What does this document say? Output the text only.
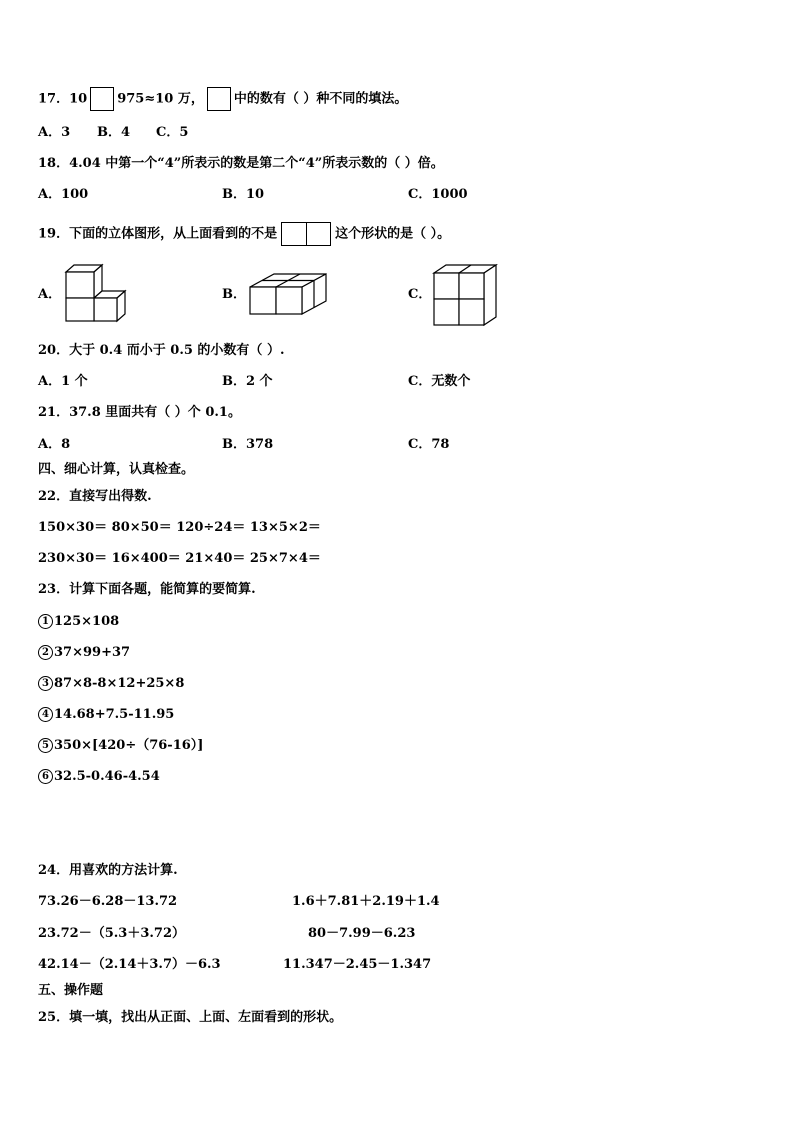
17．10 975≈10 万， 中的数有（ ）种不同的填法。
A．3 B．4 C．5
18．4.04 中第一个“4”所表示的数是第二个“4”所表示数的（ ）倍。
A．100	B．10	C．1000
19．下面的立体图形，从上面看到的不是	这个形状的是（ ）。
A．	B．	C．
20．大于 0.4 而小于 0.5 的小数有（ ）.
A．1 个	B．2 个	C．无数个
21．37.8 里面共有（ ）个 0.1。
A．8	B．378	C．78
四、细心计算，认真检查。
22．直接写出得数.
150×30＝ 80×50＝ 120÷24＝ 13×5×2＝
230×30＝ 16×400＝ 21×40＝ 25×7×4＝
23．计算下面各题，能简算的要简算.
1 125×108
2 37×99+37
3 87×8-8×12+25×8
4 14.68+7.5-11.95
5 350×[420÷（76-16）]
6 32.5-0.46-4.54
24．用喜欢的方法计算.
73.26－6.28－13.72	1.6＋7.81＋2.19＋1.4
23.72－（5.3＋3.72）	80－7.99－6.23
42.14－（2.14＋3.7）－6.3	11.347－2.45－1.347
五、操作题
25．填一填，找出从正面、上面、左面看到的形状。
